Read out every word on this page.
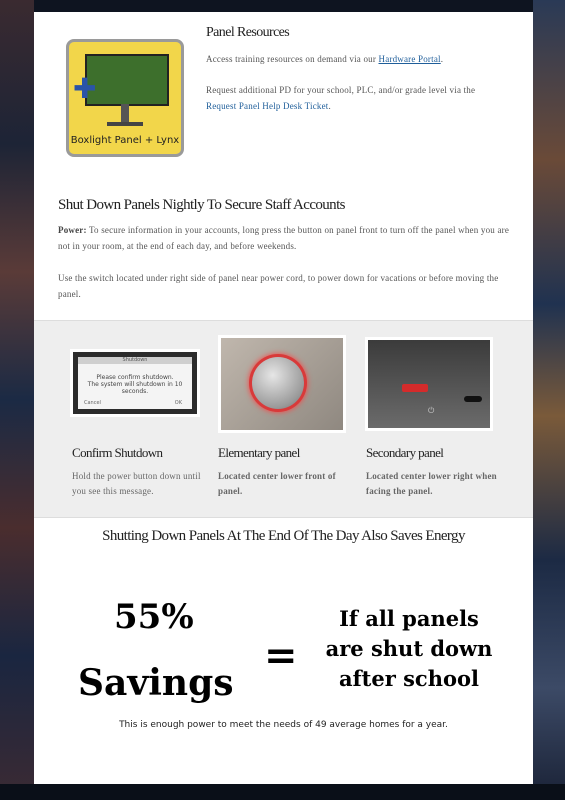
✚
Boxlight Panel + Lynx
Panel Resources
Access training resources on demand via our Hardware Portal.
Request additional PD for your school, PLC, and/or grade level via the Request Panel Help Desk Ticket.
Shut Down Panels Nightly To Secure Staff Accounts
Power: To secure information in your accounts, long press the button on panel front to turn off the panel when you are not in your room, at the end of each day, and before weekends.
Use the switch located under right side of panel near power cord, to power down for vacations or before moving the panel.
Shutdown
Please confirm shutdown.
The system will shutdown in 10 seconds.
Cancel	OK
⏻
Confirm Shutdown	Elementary panel	Secondary panel
Hold the power button down until you see this message.
Located center lower front of panel.
Located center lower right when facing the panel.
Shutting Down Panels At The End Of The Day Also Saves Energy
55%
Savings
=
If all panels
are shut down
after school
This is enough power to meet the needs of 49 average homes for a year.
